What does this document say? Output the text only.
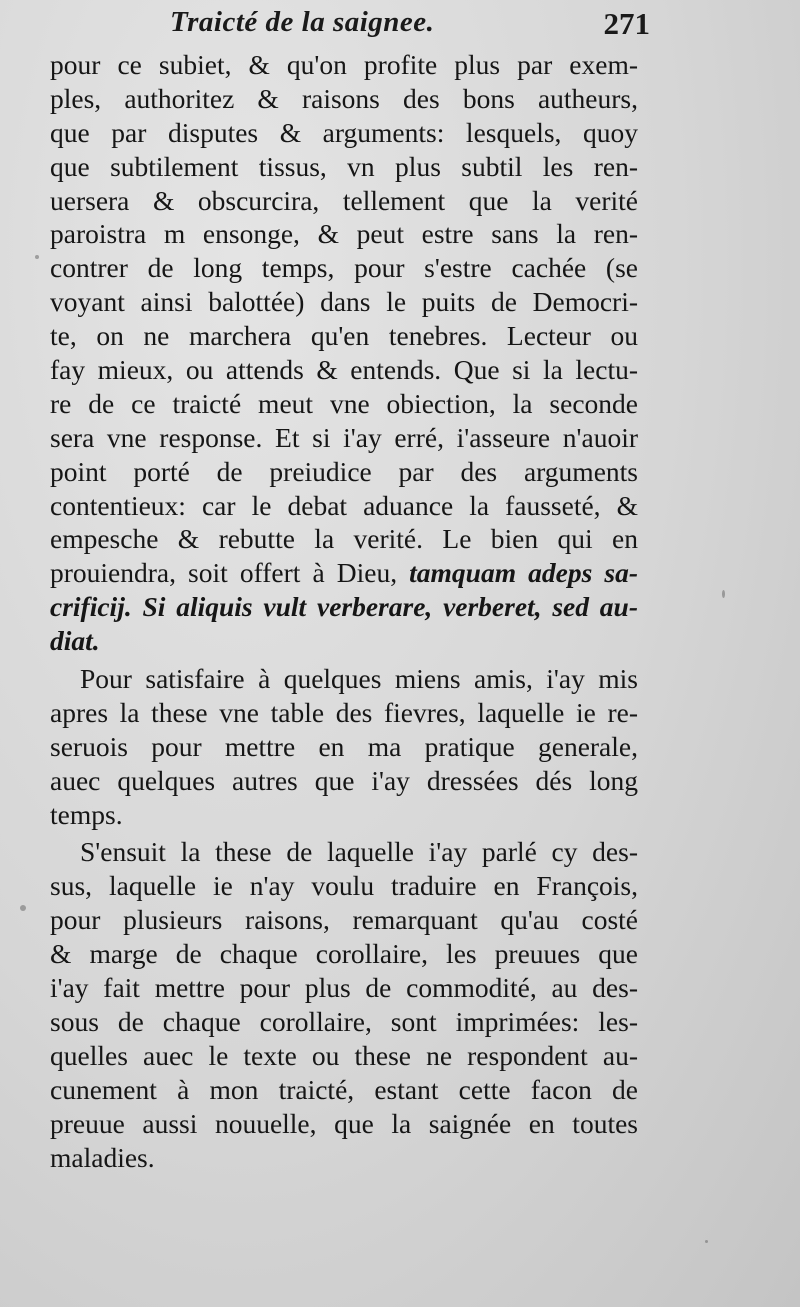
Traicté de la saignee.	271
pour ce subiet, & qu'on profite plus par exem-
ples, authoritez & raisons des bons autheurs,
que par disputes & arguments: lesquels, quoy
que subtilement tissus, vn plus subtil les ren-
uersera & obscurcira, tellement que la verité
paroistra m ensonge, & peut estre sans la ren-
contrer de long temps, pour s'estre cachée (se
voyant ainsi balottée) dans le puits de Democri-
te, on ne marchera qu'en tenebres. Lecteur ou
fay mieux, ou attends & entends. Que si la lectu-
re de ce traicté meut vne obiection, la seconde
sera vne response. Et si i'ay erré, i'asseure n'auoir
point porté de preiudice par des arguments
contentieux: car le debat aduance la fausseté, &
empesche & rebutte la verité. Le bien qui en
prouiendra, soit offert à Dieu, tamquam adeps sa-
crificij. Si aliquis vult verberare, verberet, sed au-
diat.
Pour satisfaire à quelques miens amis, i'ay mis
apres la these vne table des fievres, laquelle ie re-
seruois pour mettre en ma pratique generale,
auec quelques autres que i'ay dressées dés long
temps.
S'ensuit la these de laquelle i'ay parlé cy des-
sus, laquelle ie n'ay voulu traduire en François,
pour plusieurs raisons, remarquant qu'au costé
& marge de chaque corollaire, les preuues que
i'ay fait mettre pour plus de commodité, au des-
sous de chaque corollaire, sont imprimées: les-
quelles auec le texte ou these ne respondent au-
cunement à mon traicté, estant cette facon de
preuue aussi nouuelle, que la saignée en toutes
maladies.
